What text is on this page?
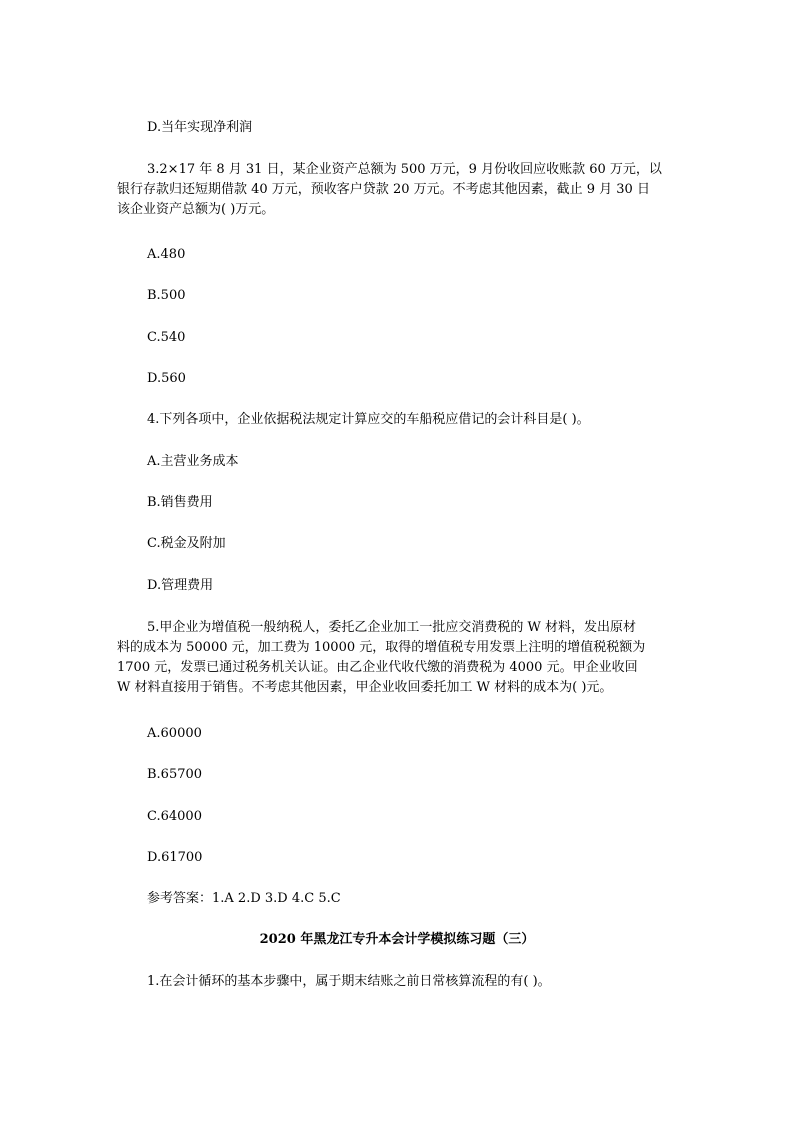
D.当年实现净利润
3.2×17 年 8 月 31 日，某企业资产总额为 500 万元，9 月份收回应收账款 60 万元，以
银行存款归还短期借款 40 万元，预收客户贷款 20 万元。不考虑其他因素，截止 9 月 30 日
该企业资产总额为( )万元。
A.480
B.500
C.540
D.560
4.下列各项中，企业依据税法规定计算应交的车船税应借记的会计科目是( )。
A.主营业务成本
B.销售费用
C.税金及附加
D.管理费用
5.甲企业为增值税一般纳税人，委托乙企业加工一批应交消费税的 W 材料，发出原材
料的成本为 50000 元，加工费为 10000 元，取得的增值税专用发票上注明的增值税税额为
1700 元，发票已通过税务机关认证。由乙企业代收代缴的消费税为 4000 元。甲企业收回
W 材料直接用于销售。不考虑其他因素，甲企业收回委托加工 W 材料的成本为( )元。
A.60000
B.65700
C.64000
D.61700
参考答案：1.A 2.D 3.D 4.C 5.C
2020 年黑龙江专升本会计学模拟练习题（三）
1.在会计循环的基本步骤中，属于期末结账之前日常核算流程的有( )。
